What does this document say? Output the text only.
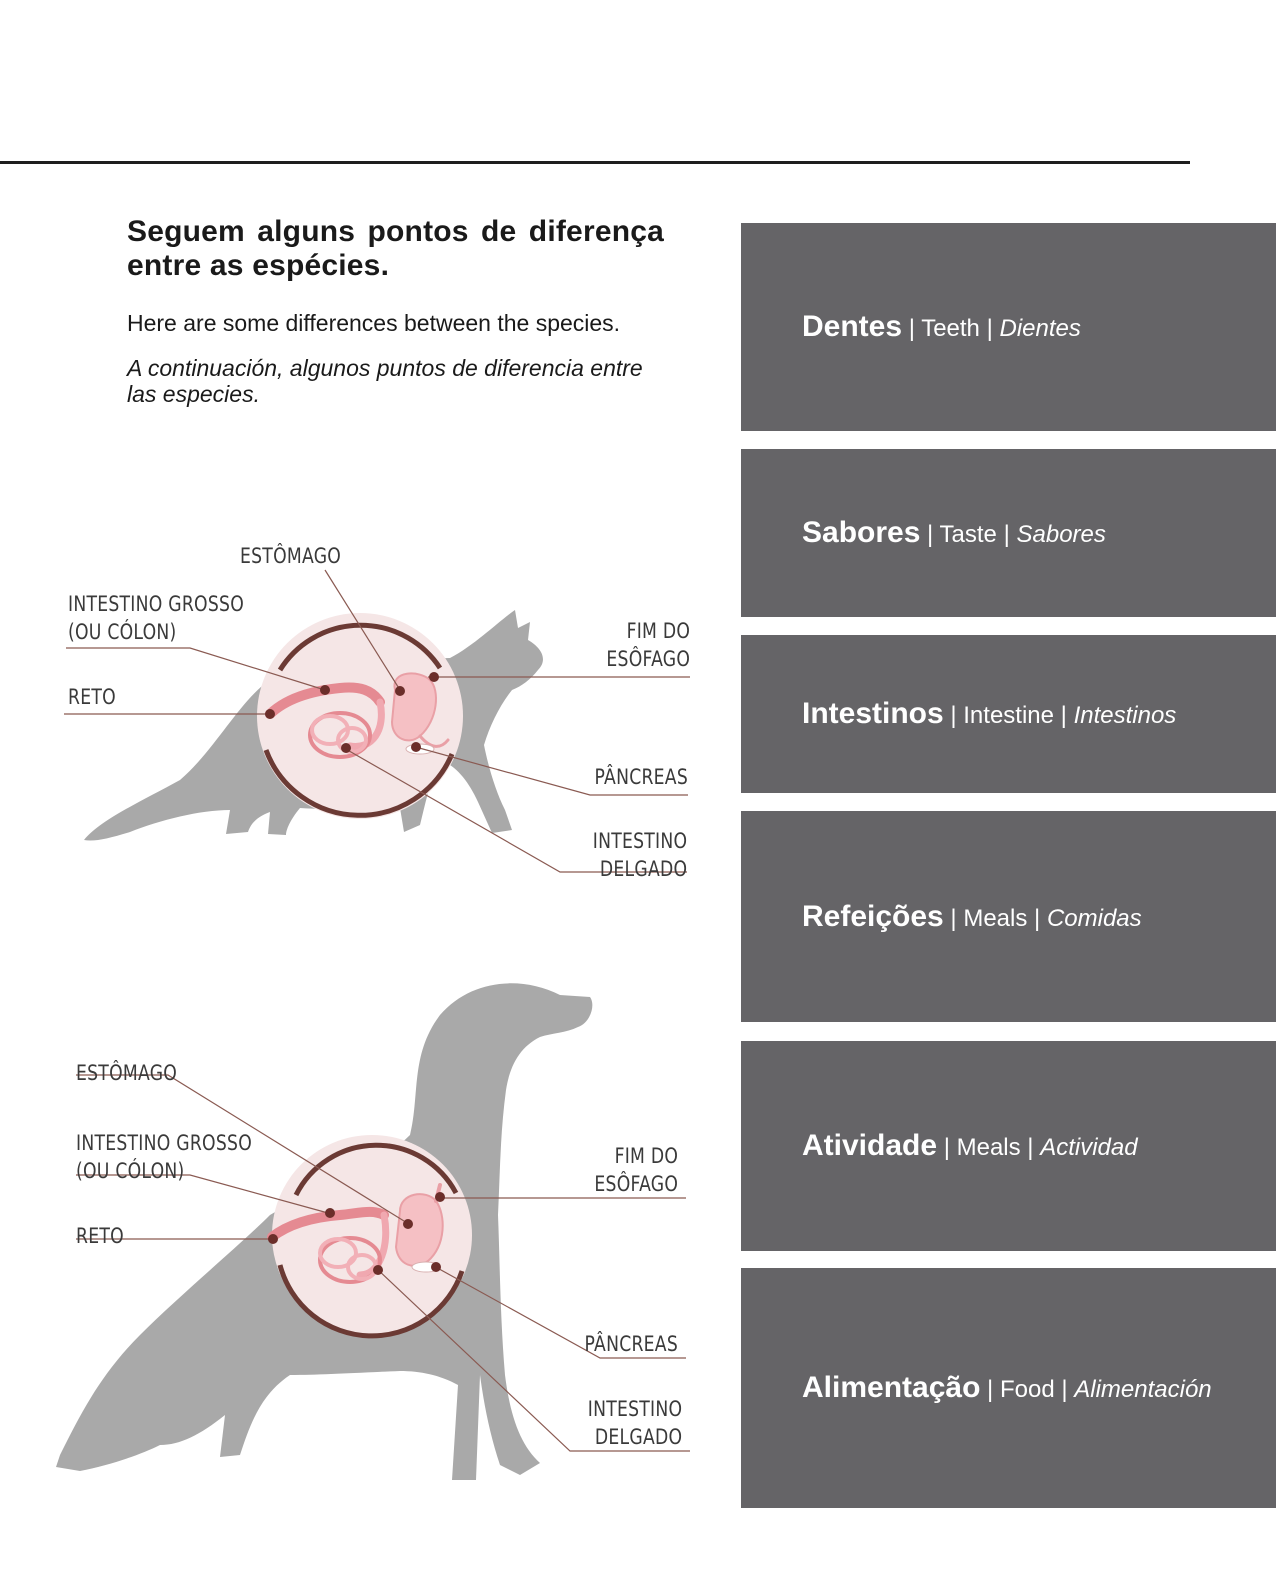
Seguem alguns pontos de diferença entre as espécies.

Here are some differences between the species.

A continuación, algunos puntos de diferencia entre las especies.

Dentes | Teeth | Dientes
Sabores | Taste | Sabores
Intestinos | Intestine | Intestinos
Refeições | Meals | Comidas
Atividade | Meals | Actividad
Alimentação | Food | Alimentación
ESTÔMAGO
INTESTINO GROSSO
(OU CÓLON)
RETO
FIM DO
ESÔFAGO
PÂNCREAS
INTESTINO
DELGADO
ESTÔMAGO
INTESTINO GROSSO
(OU CÓLON)
RETO
FIM DO
ESÔFAGO
PÂNCREAS
INTESTINO
DELGADO
